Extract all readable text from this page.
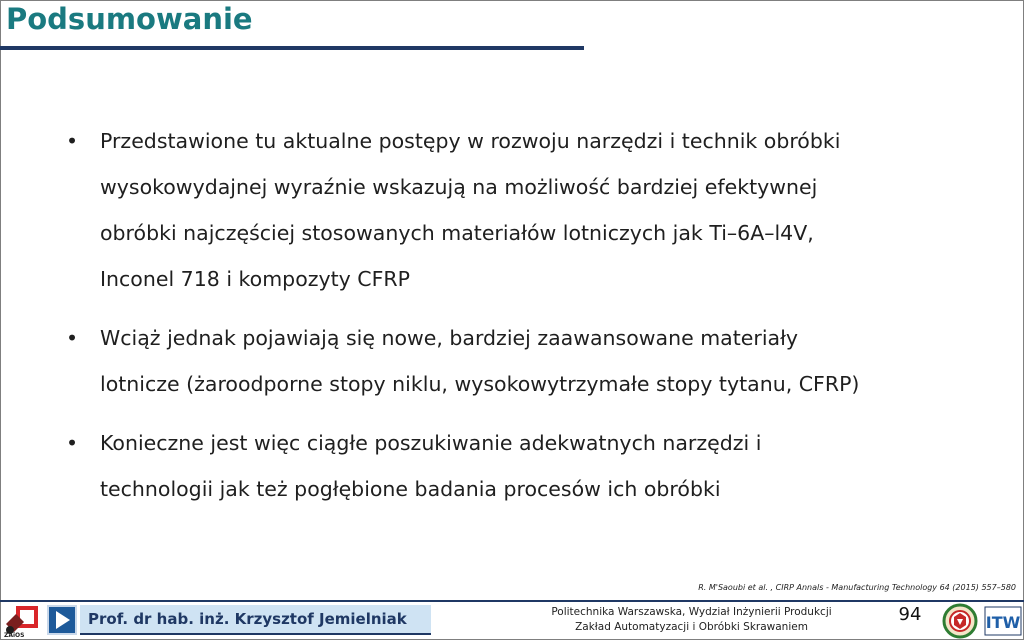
Podsumowanie
•	Przedstawione tu aktualne postępy w rozwoju narzędzi i technik obróbki
wysokowydajnej wyraźnie wskazują na możliwość bardziej efektywnej
obróbki najczęściej stosowanych materiałów lotniczych jak Ti–6A–l4V,
Inconel 718 i kompozyty CFRP
•	Wciąż jednak pojawiają się nowe, bardziej zaawansowane materiały
lotnicze (żaroodporne stopy niklu, wysokowytrzymałe stopy tytanu, CFRP)
•	Konieczne jest więc ciągłe poszukiwanie adekwatnych narzędzi i
technologii jak też pogłębione badania procesów ich obróbki
R. M'Saoubi et al. , CIRP Annals - Manufacturing Technology 64 (2015) 557–580
ZAiOS
Prof. dr hab. inż. Krzysztof Jemielniak	Politechnika Warszawska, Wydział Inżynierii Produkcji
Zakład Automatyzacji i Obróbki Skrawaniem
94	ITW
